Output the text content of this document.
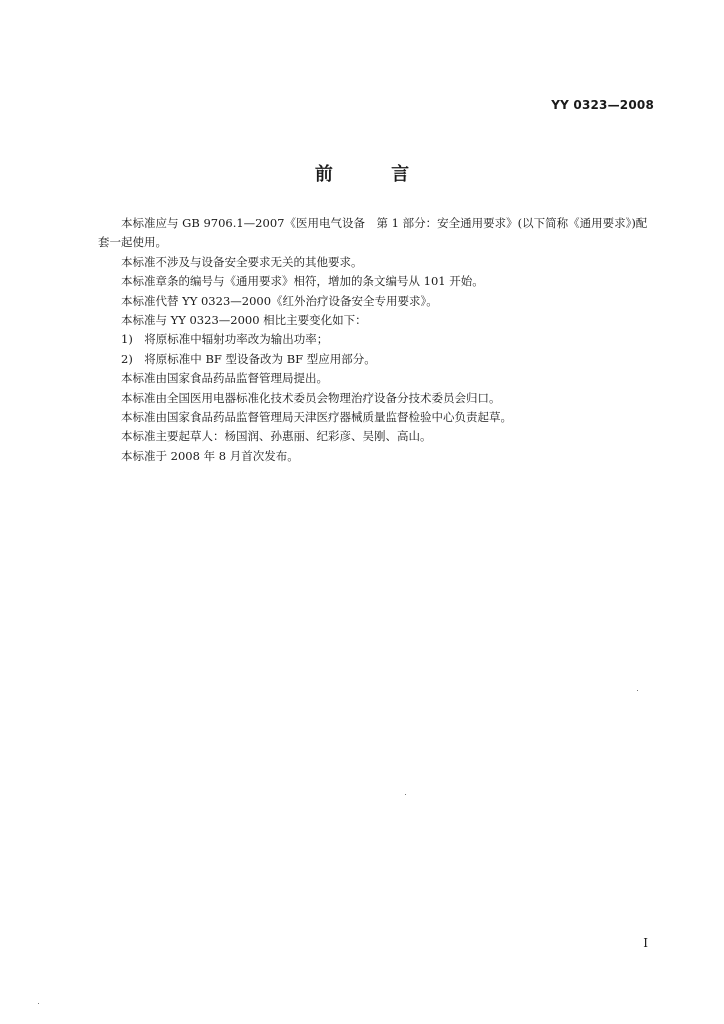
YY 0323—2008
前 言

本标准应与 GB 9706.1—2007《医用电气设备　第 1 部分：安全通用要求》(以下简称《通用要求》)配套一起使用。

本标准不涉及与设备安全要求无关的其他要求。

本标准章条的编号与《通用要求》相符，增加的条文编号从 101 开始。

本标准代替 YY 0323—2000《红外治疗设备安全专用要求》。

本标准与 YY 0323—2000 相比主要变化如下：

1)　将原标准中辐射功率改为输出功率；

2)　将原标准中 BF 型设备改为 BF 型应用部分。

本标准由国家食品药品监督管理局提出。

本标准由全国医用电器标准化技术委员会物理治疗设备分技术委员会归口。

本标准由国家食品药品监督管理局天津医疗器械质量监督检验中心负责起草。

本标准主要起草人：杨国润、孙惠丽、纪彩彦、吴刚、高山。

本标准于 2008 年 8 月首次发布。

I
